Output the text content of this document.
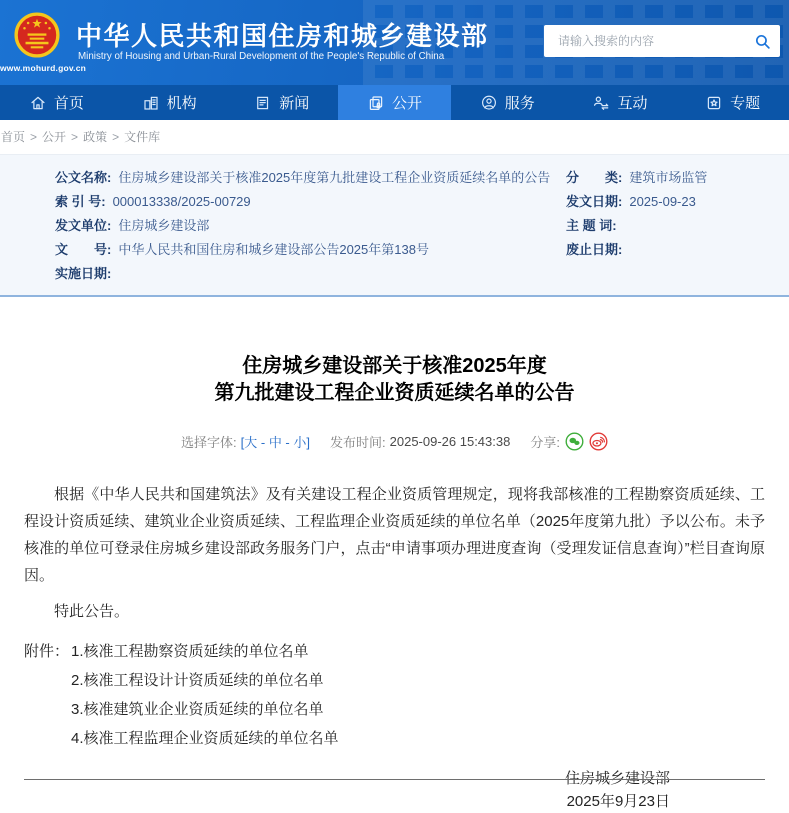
www.mohurd.gov.cn
中华人民共和国住房和城乡建设部
Ministry of Housing and Urban-Rural Development of the People's Republic of China
请输入搜索的内容
首页	机构	新闻	公开	服务	互动	专题
首页 > 公开 > 政策 > 文件库
公文名称: 住房城乡建设部关于核准2025年度第九批建设工程企业资质延续名单的公告
索 引 号: 000013338/2025-00729
发文单位: 住房城乡建设部
文　　号: 中华人民共和国住房和城乡建设部公告2025年第138号
实施日期:
分　　类: 建筑市场监管
发文日期: 2025-09-23
主 题 词:
废止日期:
住房城乡建设部关于核准2025年度
第九批建设工程企业资质延续名单的公告
选择字体: [大 - 中 - 小] 发布时间: 2025-09-26 15:43:38 分享:

根据《中华人民共和国建筑法》及有关建设工程企业资质管理规定，现将我部核准的工程勘察资质延续、工程设计资质延续、建筑业企业资质延续、工程监理企业资质延续的单位名单（2025年度第九批）予以公布。未予核准的单位可登录住房城乡建设部政务服务门户，点击“申请事项办理进度查询（受理发证信息查询）”栏目查询原因。

特此公告。

附件： 1.核准工程勘察资质延续的单位名单
2.核准工程设计计资质延续的单位名单
3.核准建筑业企业资质延续的单位名单
4.核准工程监理企业资质延续的单位名单
住房城乡建设部
2025年9月23日
